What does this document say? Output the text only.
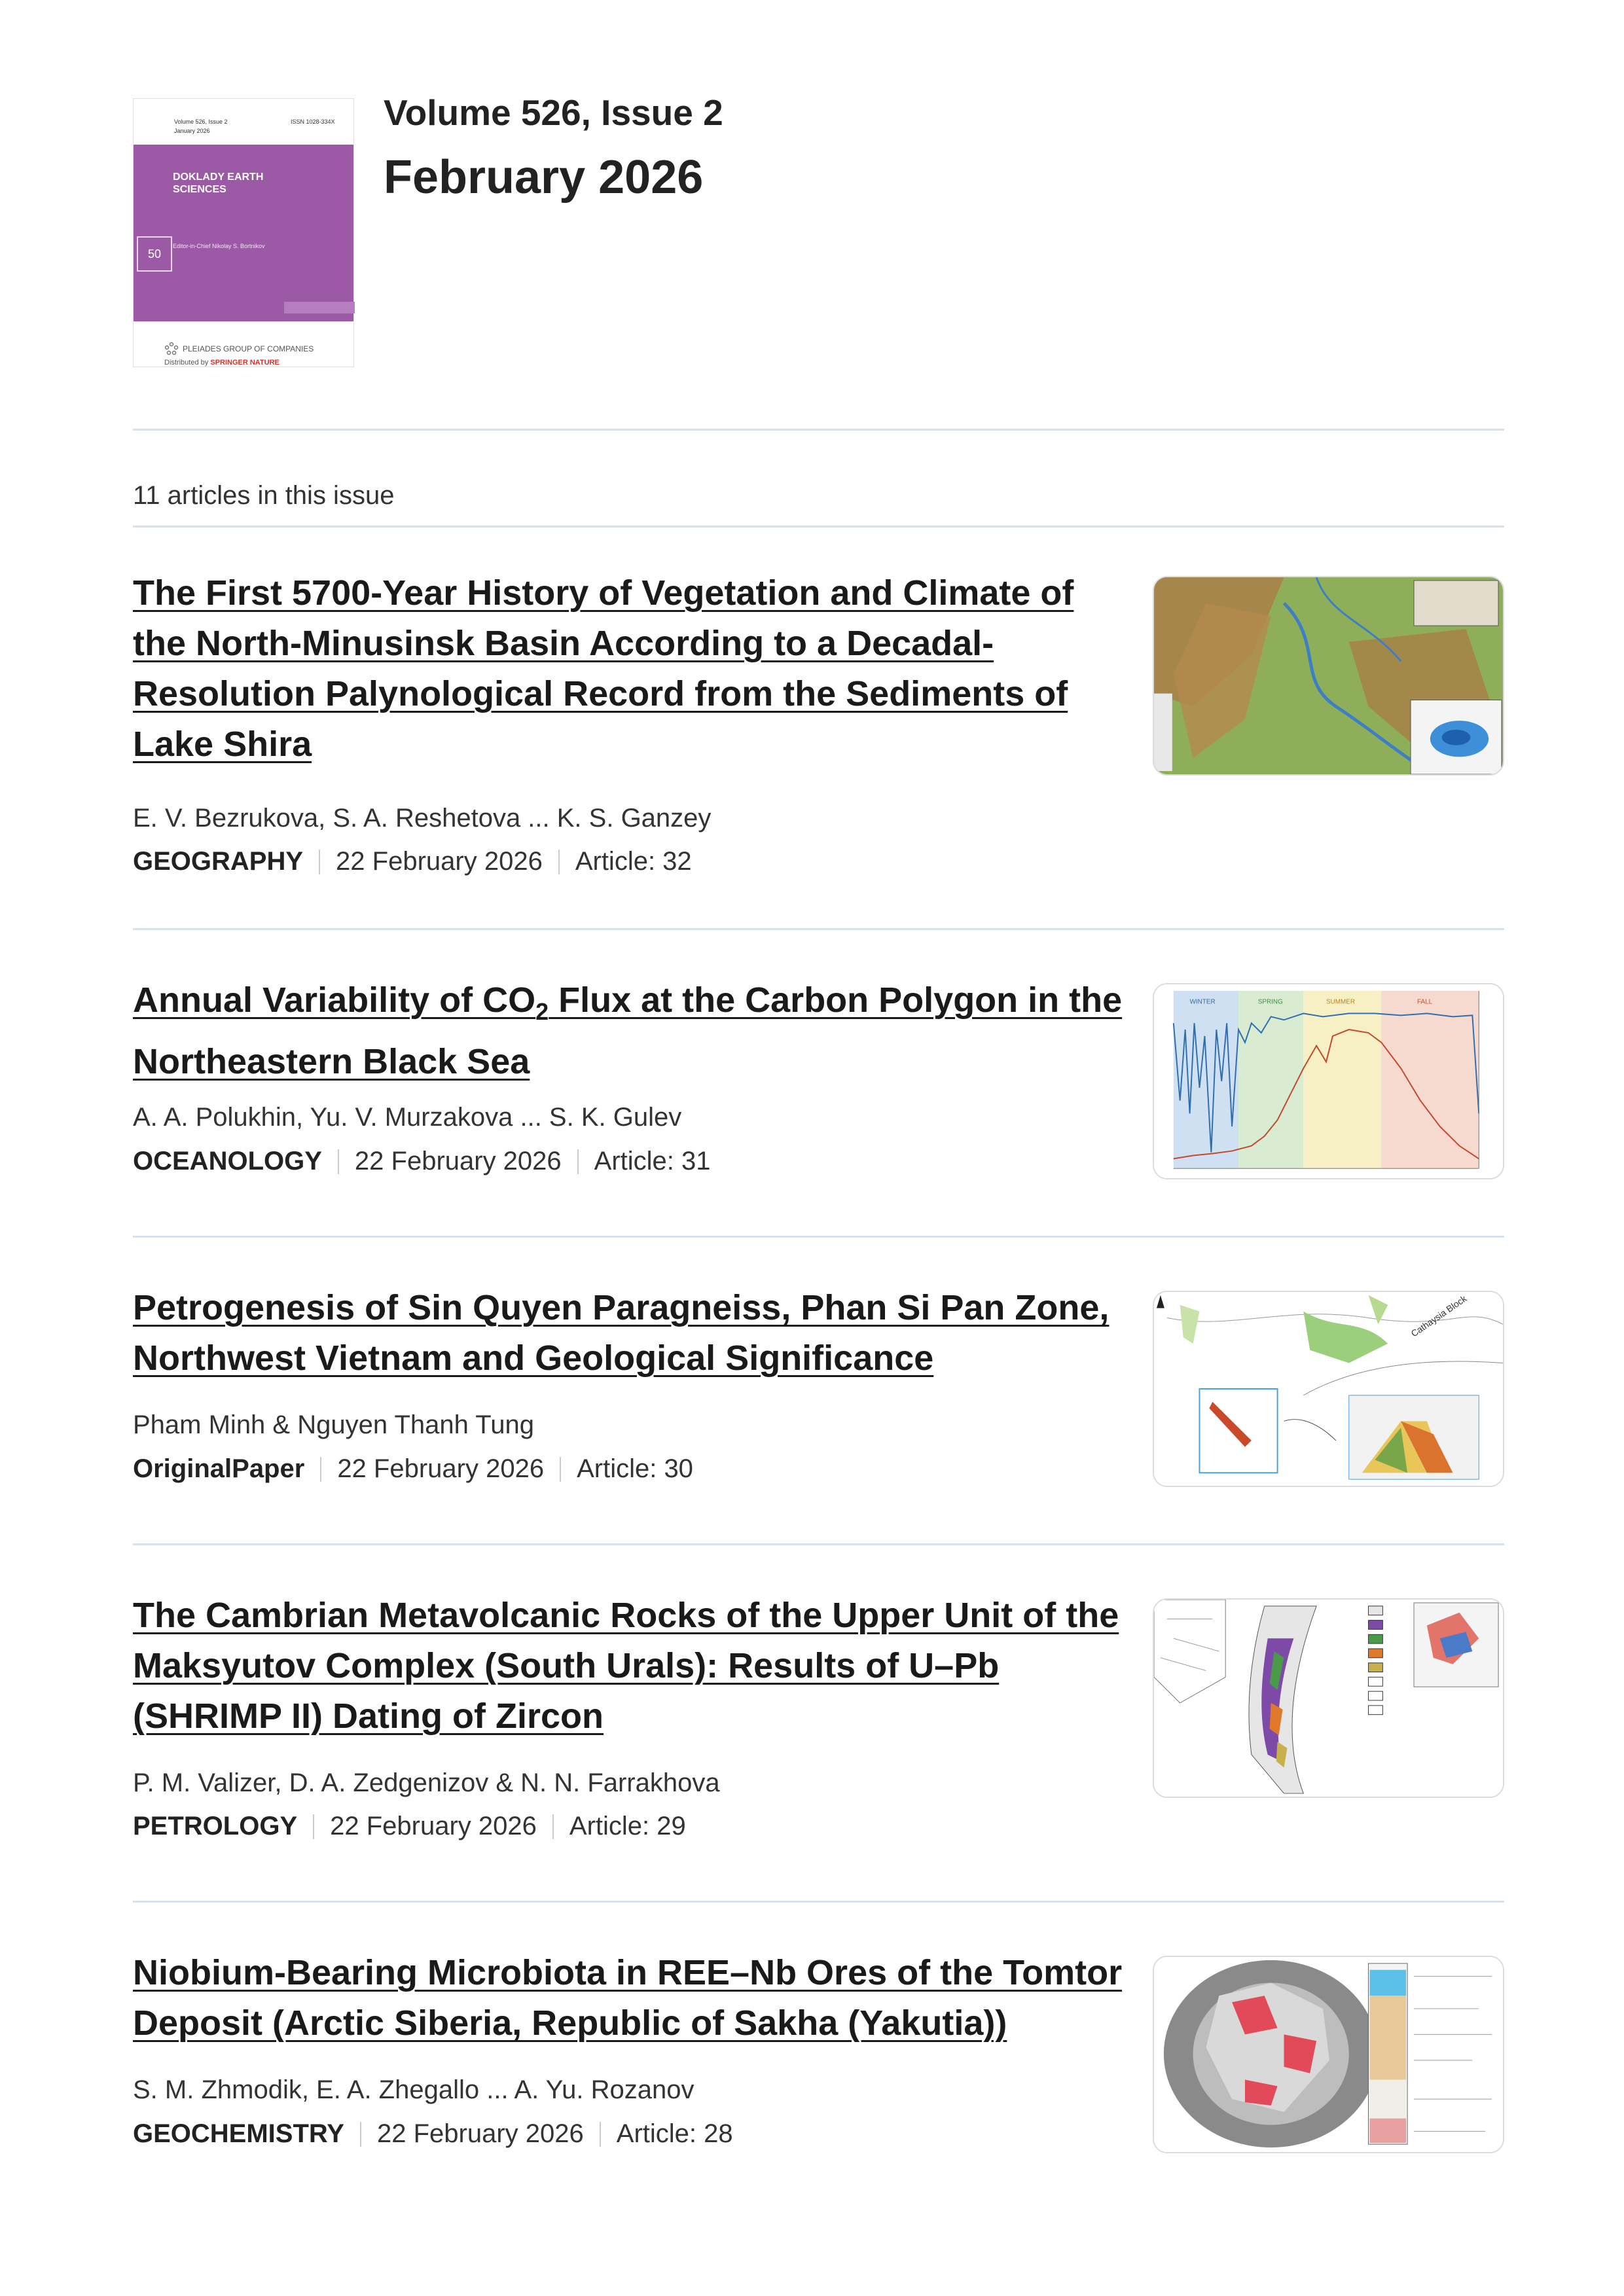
Volume 526, Issue 2
January 2026
ISSN 1028-334X
DOKLADY EARTH SCIENCES
50
Editor-in-Chief Nikolay S. Bortnikov
PLEIADES GROUP OF COMPANIES
Distributed by SPRINGER NATURE
Volume 526, Issue 2
February 2026
11 articles in this issue
The First 5700-Year History of Vegetation and Climate of the North-Minusinsk Basin According to a Decadal-Resolution Palynological Record from the Sediments of Lake Shira
E. V. Bezrukova, S. A. Reshetova ... K. S. Ganzey
GEOGRAPHY 22 February 2026 Article: 32
Annual Variability of $CO_2$ Flux at the Carbon Polygon in the Northeastern Black Sea
A. A. Polukhin, Yu. V. Murzakova ... S. K. Gulev
OCEANOLOGY 22 February 2026 Article: 31
WINTER	SPRING	SUMMER	FALL
Petrogenesis of Sin Quyen Paragneiss, Phan Si Pan Zone, Northwest Vietnam and Geological Significance
Pham Minh & Nguyen Thanh Tung
OriginalPaper 22 February 2026 Article: 30
Cathaysia Block
The Cambrian Metavolcanic Rocks of the Upper Unit of the Maksyutov Complex (South Urals): Results of U–Pb (SHRIMP II) Dating of Zircon
P. M. Valizer, D. A. Zedgenizov & N. N. Farrakhova
PETROLOGY 22 February 2026 Article: 29
Niobium-Bearing Microbiota in REE–Nb Ores of the Tomtor Deposit (Arctic Siberia, Republic of Sakha (Yakutia))
S. M. Zhmodik, E. A. Zhegallo ... A. Yu. Rozanov
GEOCHEMISTRY 22 February 2026 Article: 28
